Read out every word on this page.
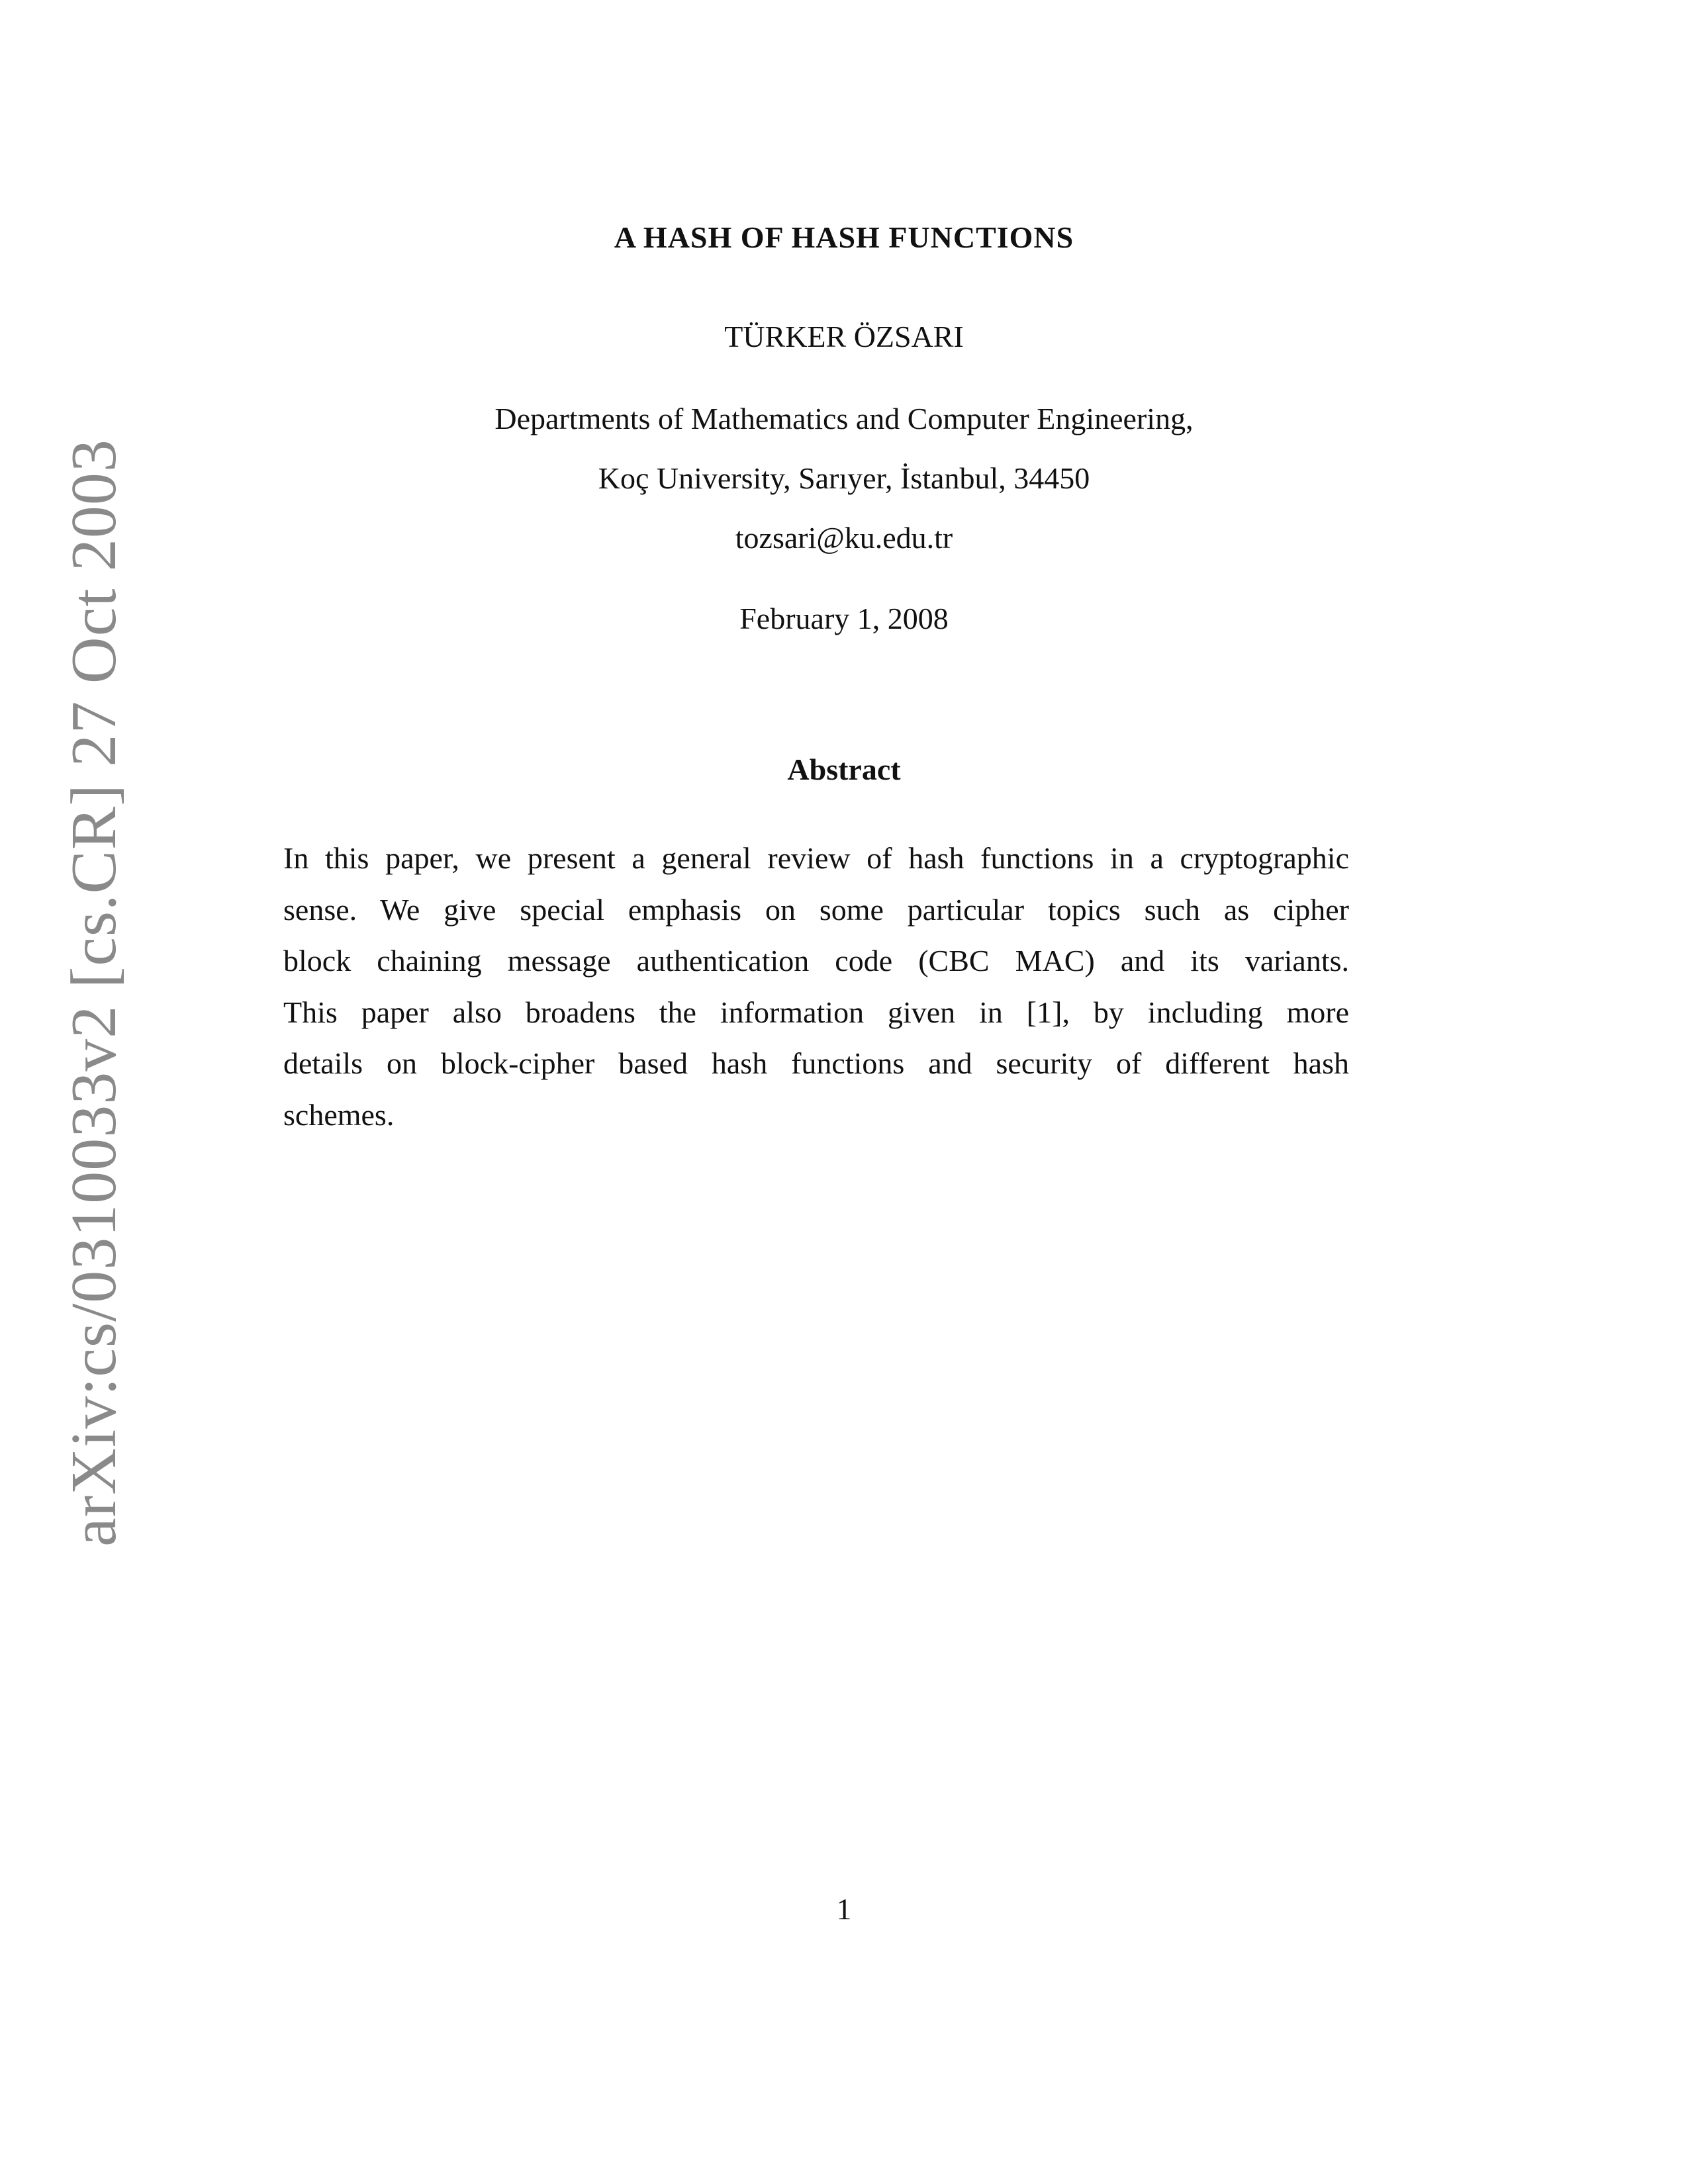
arXiv:cs/0310033v2 [cs.CR] 27 Oct 2003
A HASH OF HASH FUNCTIONS
TÜRKER ÖZSARI
Departments of Mathematics and Computer Engineering,
Koç University, Sarıyer, İstanbul, 34450
tozsari@ku.edu.tr
February 1, 2008
Abstract
In this paper, we present a general review of hash functions in a cryptographic
sense. We give special emphasis on some particular topics such as cipher
block chaining message authentication code (CBC MAC) and its variants.
This paper also broadens the information given in [1], by including more
details on block-cipher based hash functions and security of different hash
schemes.
1
